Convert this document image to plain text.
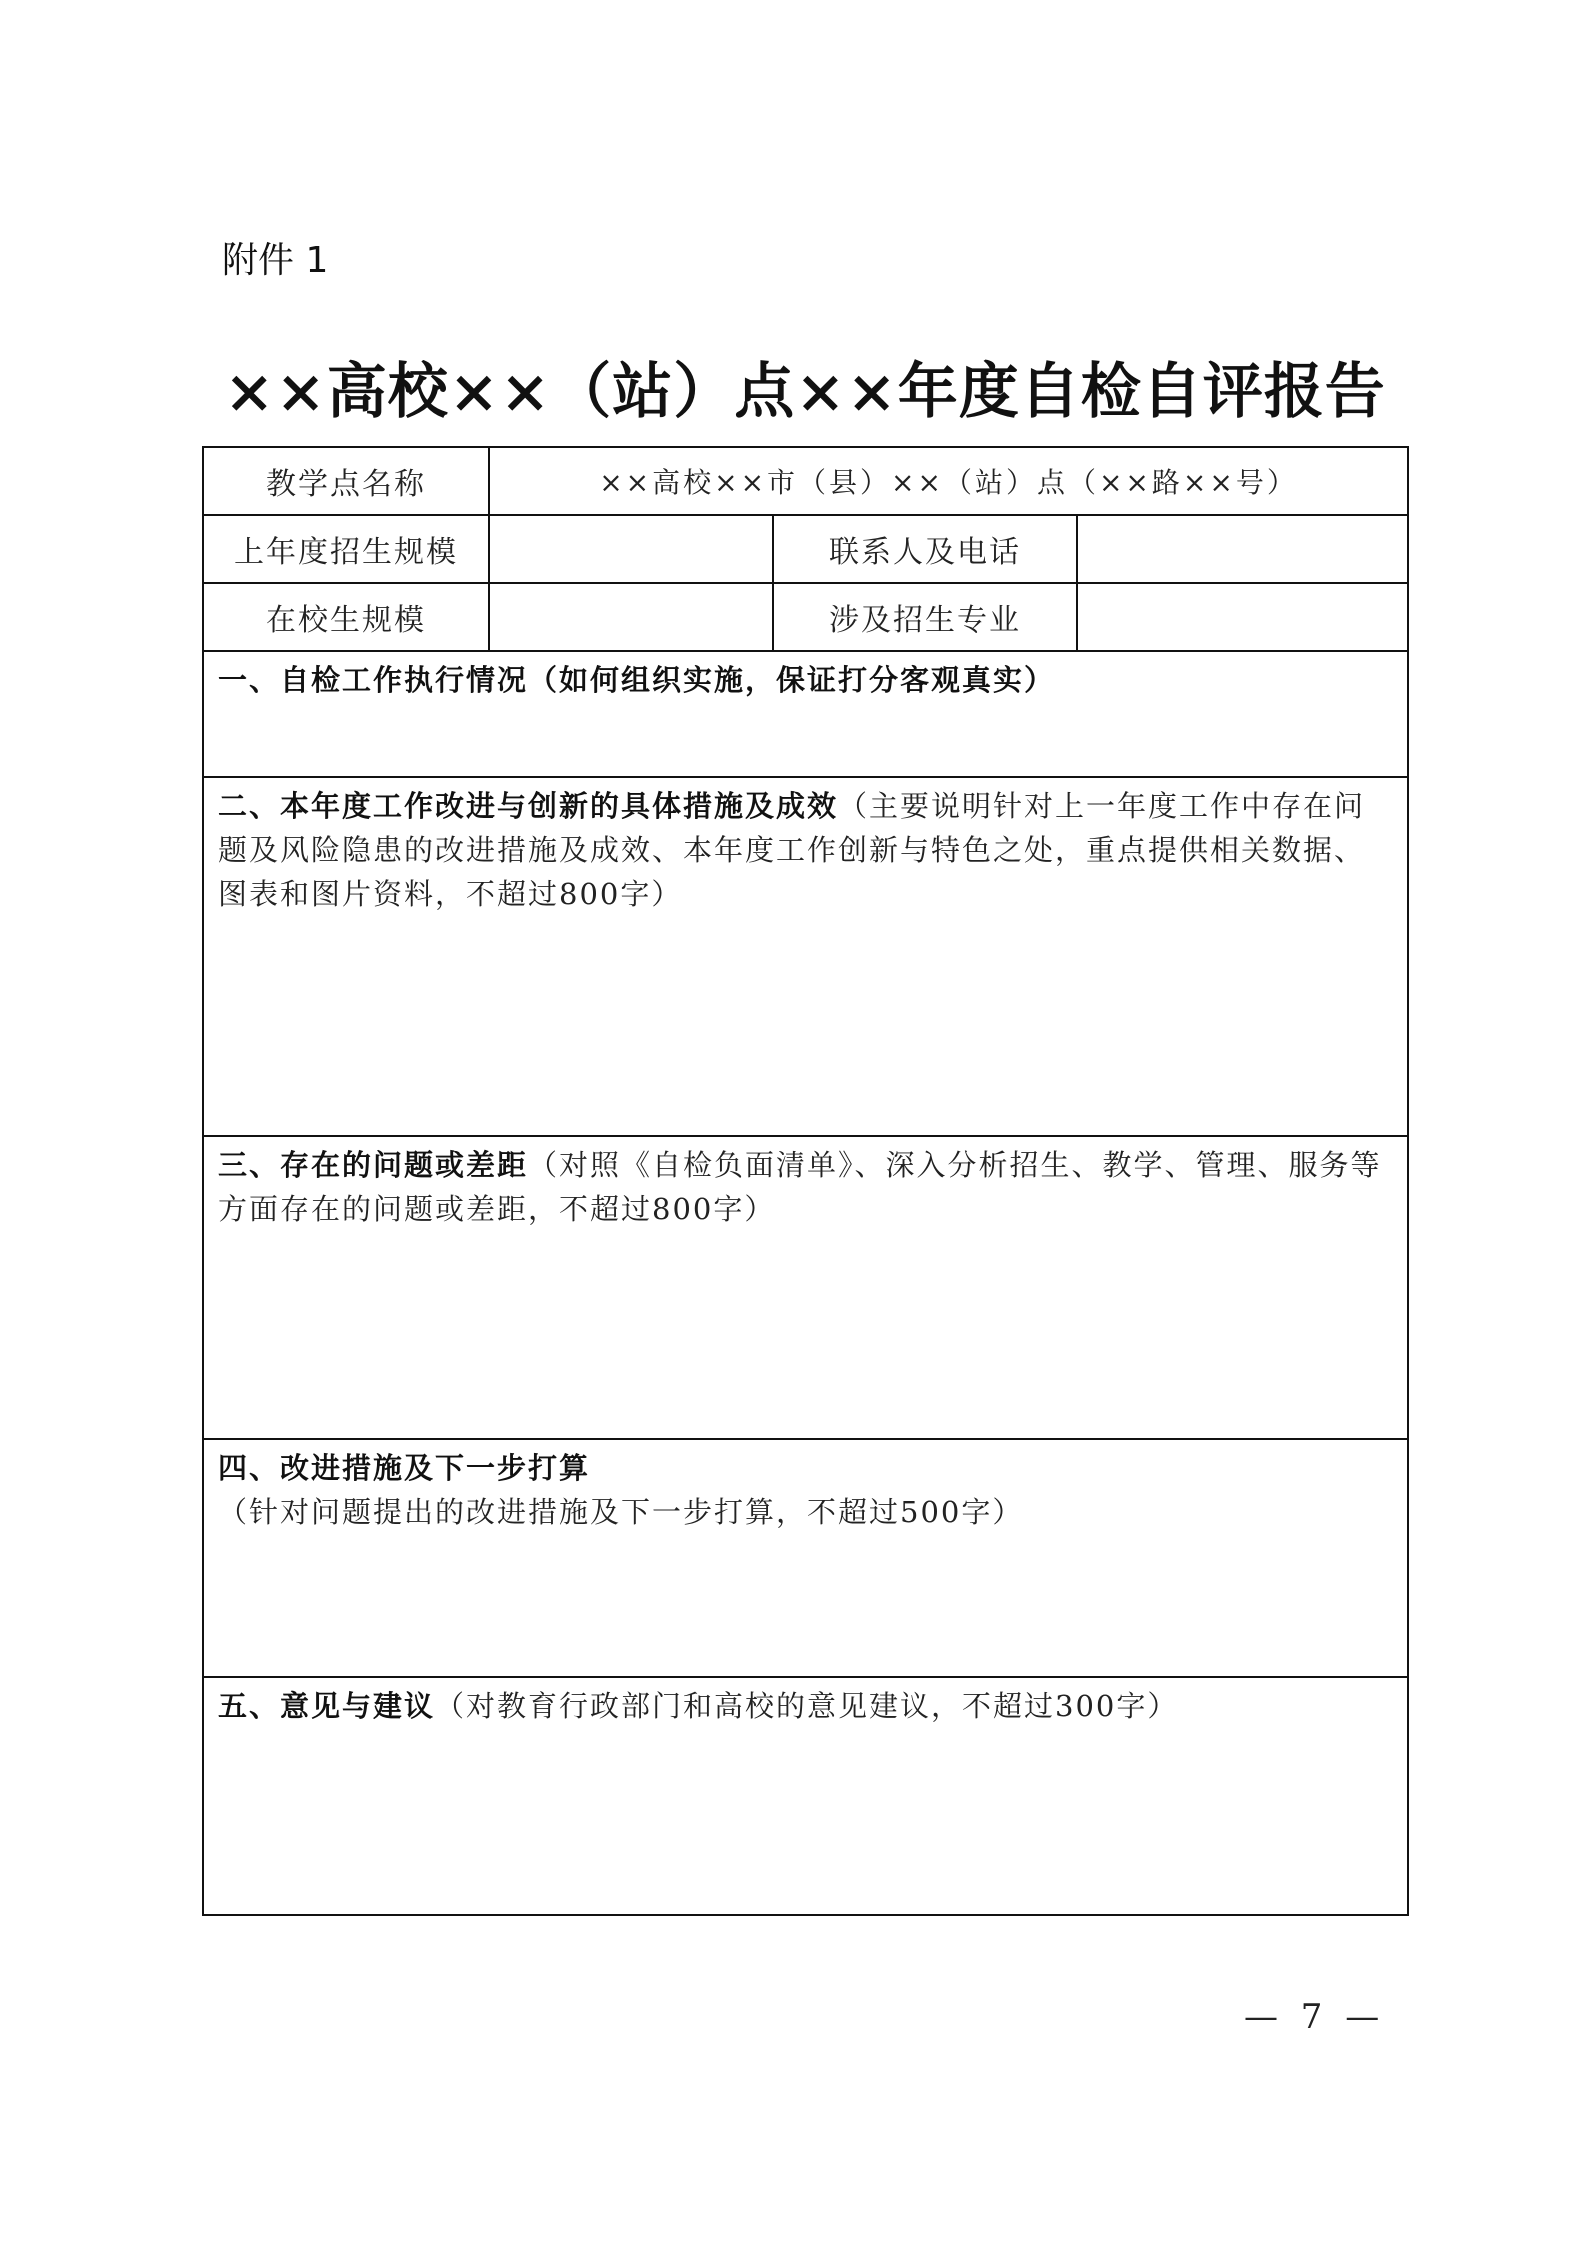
附件 1
××高校××（站）点××年度自检自评报告
教学点名称	××高校××市（县）××（站）点（××路××号）		
上年度招生规模		联系人及电话	
在校生规模		涉及招生专业	
一、自检工作执行情况（如何组织实施，保证打分客观真实）			
二、本年度工作改进与创新的具体措施及成效（主要说明针对上一年度工作中存在问题及风险隐患的改进措施及成效、本年度工作创新与特色之处，重点提供相关数据、图表和图片资料，不超过800字）			
三、存在的问题或差距（对照《自检负面清单》、深入分析招生、教学、管理、服务等方面存在的问题或差距，不超过800字）			
四、改进措施及下一步打算（针对问题提出的改进措施及下一步打算，不超过500字）			
五、意见与建议（对教育行政部门和高校的意见建议，不超过300字）			
— 7 —
